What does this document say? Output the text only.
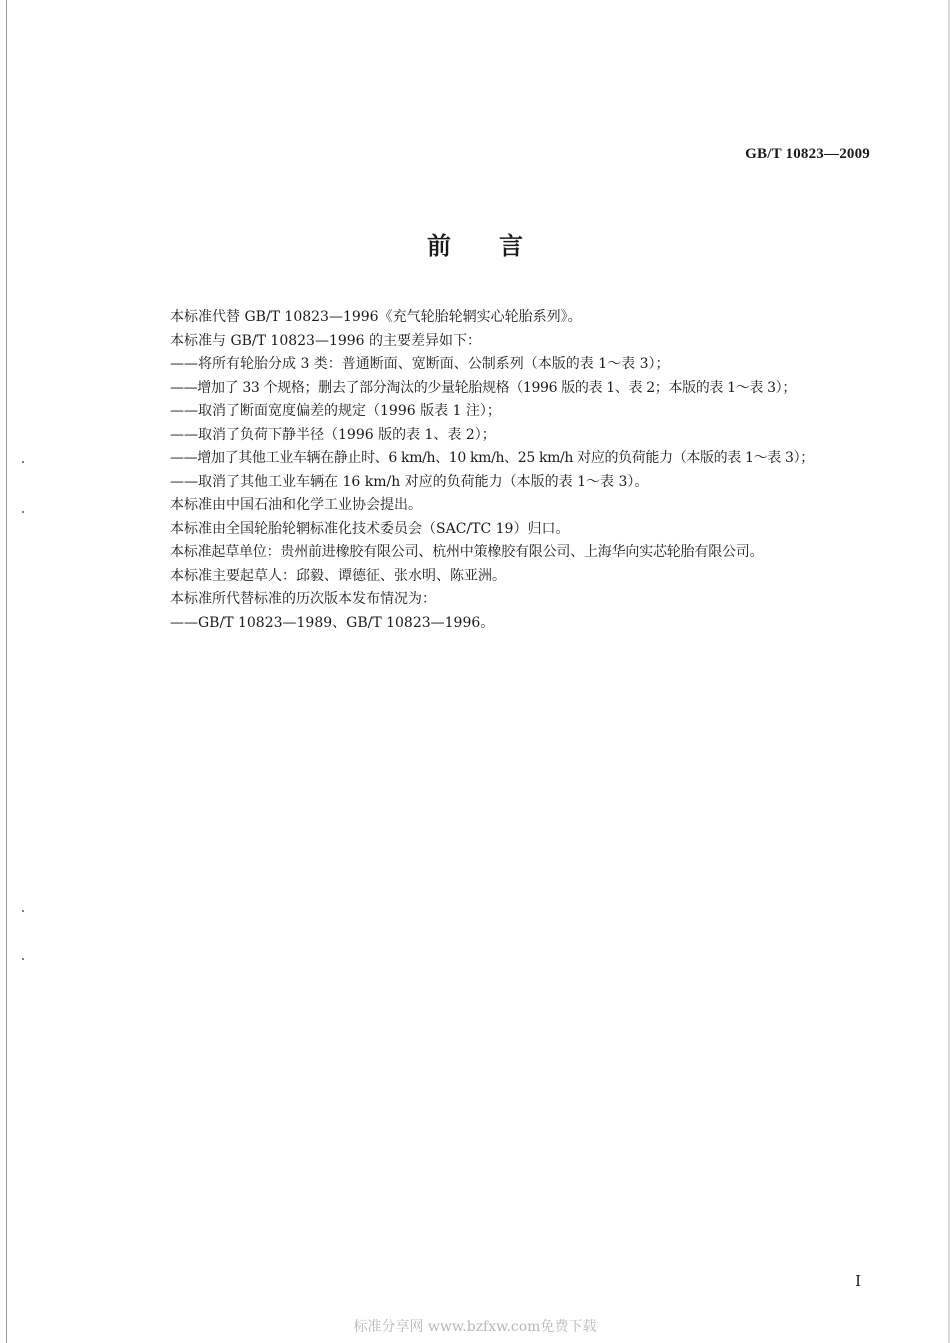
GB/T 10823—2009
前言
本标准代替 GB/T 10823—1996《充气轮胎轮辋实心轮胎系列》。
本标准与 GB/T 10823—1996 的主要差异如下：
——将所有轮胎分成 3 类：普通断面、宽断面、公制系列（本版的表 1～表 3）；
——增加了 33 个规格；删去了部分淘汰的少量轮胎规格（1996 版的表 1、表 2；本版的表 1～表 3）；
——取消了断面宽度偏差的规定（1996 版表 1 注）；
——取消了负荷下静半径（1996 版的表 1、表 2）；
——增加了其他工业车辆在静止时、6 km/h、10 km/h、25 km/h 对应的负荷能力（本版的表 1～表 3）；
——取消了其他工业车辆在 16 km/h 对应的负荷能力（本版的表 1～表 3）。
本标准由中国石油和化学工业协会提出。
本标准由全国轮胎轮辋标准化技术委员会（SAC/TC 19）归口。
本标准起草单位：贵州前进橡胶有限公司、杭州中策橡胶有限公司、上海华向实芯轮胎有限公司。
本标准主要起草人：邱毅、谭德征、张水明、陈亚洲。
本标准所代替标准的历次版本发布情况为：
——GB/T 10823—1989、GB/T 10823—1996。
I
标准分享网 www.bzfxw.com免费下载
